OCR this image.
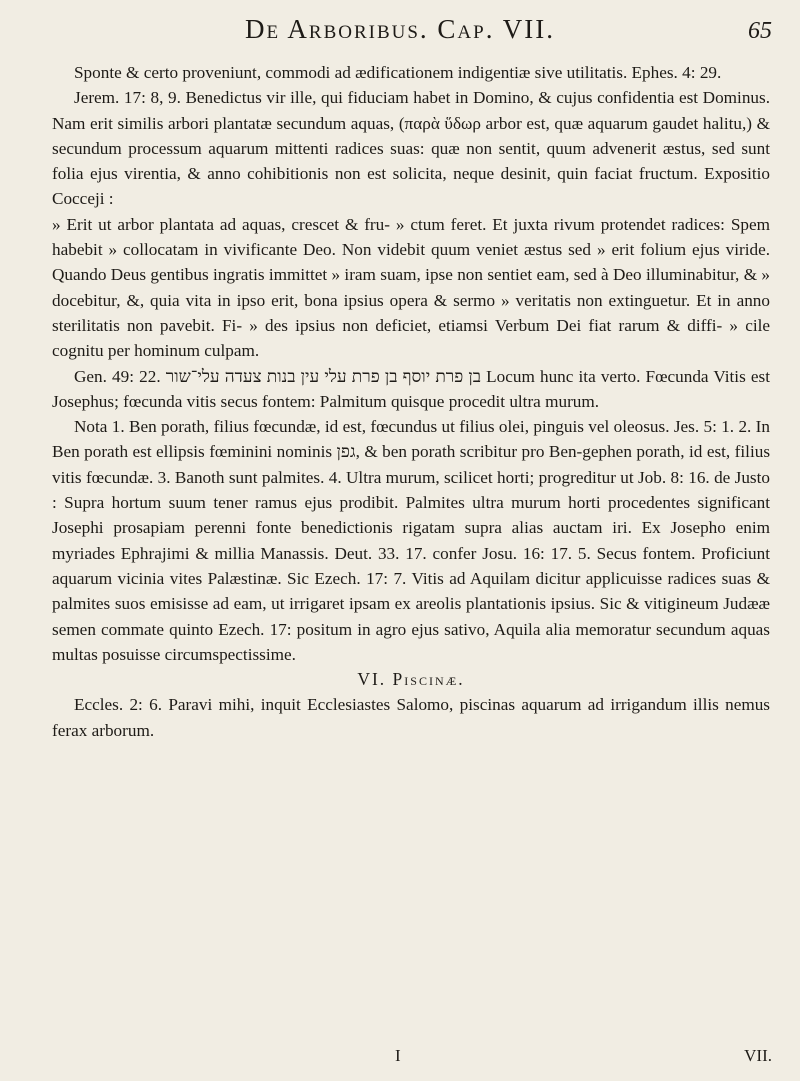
De Arboribus. Cap. VII.	65

Sponte & certo proveniunt, commodi ad ædificationem indigentiæ sive utilitatis. Ephes. 4: 29.

Jerem. 17: 8, 9. Benedictus vir ille, qui fiduciam habet in Domino, & cujus confidentia est Dominus. Nam erit similis arbori plantatæ secundum aquas, (παρὰ ὕδωρ arbor est, quæ aquarum gaudet halitu,) & secundum processum aquarum mittenti radices suas: quæ non sentit, quum advenerit æstus, sed sunt folia ejus virentia, & anno cohibitionis non est solicita, neque desinit, quin faciat fructum. Expositio Cocceji :

» Erit ut arbor plantata ad aquas, crescet & fru- » ctum feret. Et juxta rivum protendet radices: Spem habebit » collocatam in vivificante Deo. Non videbit quum veniet æstus sed » erit folium ejus viride. Quando Deus gentibus ingratis immittet » iram suam, ipse non sentiet eam, sed à Deo illuminabitur, & » docebitur, &, quia vita in ipso erit, bona ipsius opera & sermo » veritatis non extinguetur. Et in anno sterilitatis non pavebit. Fi- » des ipsius non deficiet, etiamsi Verbum Dei fiat rarum & diffi- » cile cognitu per hominum culpam.

Gen. 49: 22. בן פרת יוסף בן פרת עלי עין בנות צעדה עלי־שור Locum hunc ita verto. Fœcunda Vitis est Josephus; fœcunda vitis secus fontem: Palmitum quisque procedit ultra murum.

Nota 1. Ben porath, filius fœcundæ, id est, fœcundus ut filius olei, pinguis vel oleosus. Jes. 5: 1. 2. In Ben porath est ellipsis fœminini nominis גפן, & ben porath scribitur pro Ben-gephen porath, id est, filius vitis fœcundæ. 3. Banoth sunt palmites. 4. Ultra murum, scilicet horti; progreditur ut Job. 8: 16. de Justo : Supra hortum suum tener ramus ejus prodibit. Palmites ultra murum horti procedentes significant Josephi prosapiam perenni fonte benedictionis rigatam supra alias auctam iri. Ex Josepho enim myriades Ephrajimi & millia Manassis. Deut. 33. 17. confer Josu. 16: 17. 5. Secus fontem. Proficiunt aquarum vicinia vites Palæstinæ. Sic Ezech. 17: 7. Vitis ad Aquilam dicitur applicuisse radices suas & palmites suos emisisse ad eam, ut irrigaret ipsam ex areolis plantationis ipsius. Sic & vitigineum Judææ semen commate quinto Ezech. 17: positum in agro ejus sativo, Aquila alia memoratur secundum aquas multas posuisse circumspectissime.

VI. Piscinæ.

Eccles. 2: 6. Paravi mihi, inquit Ecclesiastes Salomo, piscinas aquarum ad irrigandum illis nemus ferax arborum.

I	VII.
